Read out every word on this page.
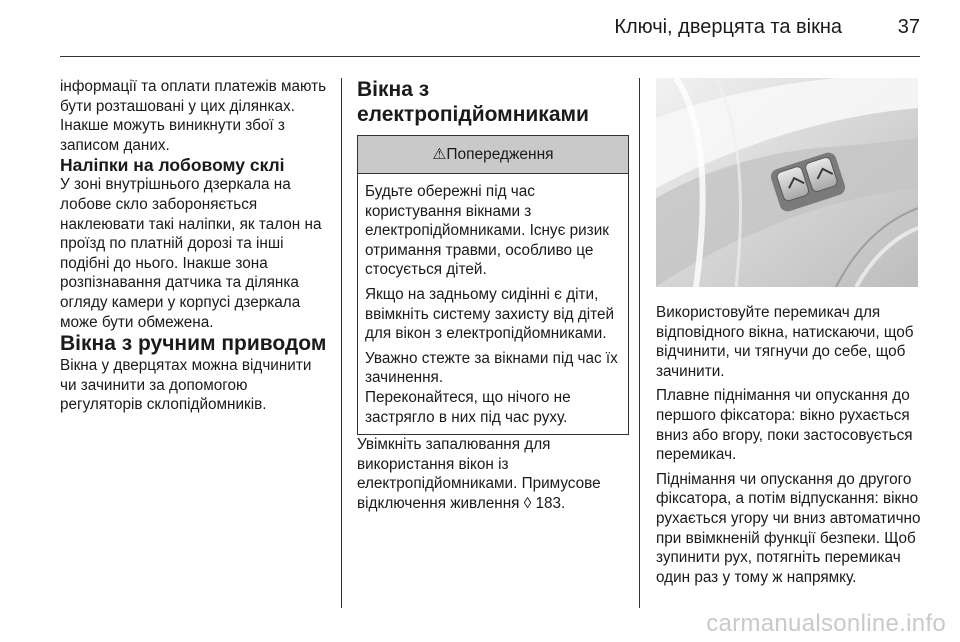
Ключі, дверцята та вікна	37

інформації та оплати платежів мають бути розташовані у цих ділянках. Інакше можуть виникнути збої з записом даних.

Наліпки на лобовому склі

У зоні внутрішнього дзеркала на лобове скло забороняється наклеювати такі наліпки, як талон на проїзд по платній дорозі та інші подібні до нього. Інакше зона розпізнавання датчика та ділянка огляду камери у корпусі дзеркала може бути обмежена.

Вікна з ручним приводом

Вікна у дверцятах можна відчинити чи зачинити за допомогою регуляторів склопідйомників.

Вікна з електропідйомниками

⚠Попередження

Будьте обережні під час користування вікнами з електропідйомниками. Існує ризик отримання травми, особливо це стосується дітей.

Якщо на задньому сидінні є діти, ввімкніть систему захисту від дітей для вікон з електропідйомниками.

Уважно стежте за вікнами під час їх зачинення.
Переконайтеся, що нічого не застрягло в них під час руху.

Увімкніть запалювання для використання вікон із електропідйомниками. Примусове відключення живлення ◊ 183.

Використовуйте перемикач для відповідного вікна, натискаючи, щоб відчинити, чи тягнучи до себе, щоб зачинити.

Плавне піднімання чи опускання до першого фіксатора: вікно рухається вниз або вгору, поки застосовується перемикач.

Піднімання чи опускання до другого фіксатора, а потім відпускання: вікно рухається угору чи вниз автоматично при ввімкненій функції безпеки. Щоб зупинити рух, потягніть перемикач один раз у тому ж напрямку.

carmanualsonline.info
